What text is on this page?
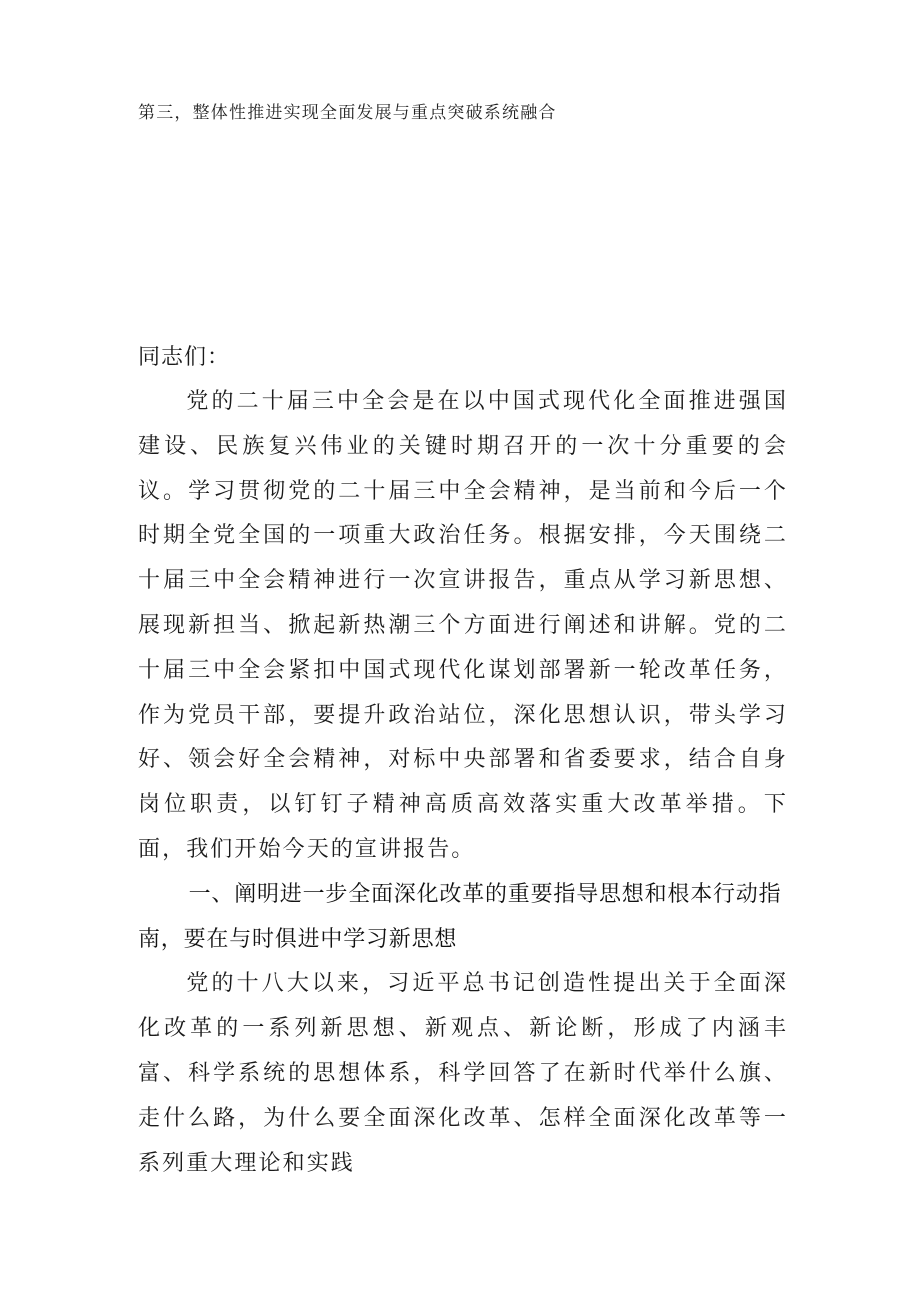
第三，整体性推进实现全面发展与重点突破系统融合

同志们：

党的二十届三中全会是在以中国式现代化全面推进强国建设、民族复兴伟业的关键时期召开的一次十分重要的会议。学习贯彻党的二十届三中全会精神，是当前和今后一个时期全党全国的一项重大政治任务。根据安排，今天围绕二十届三中全会精神进行一次宣讲报告，重点从学习新思想、展现新担当、掀起新热潮三个方面进行阐述和讲解。党的二十届三中全会紧扣中国式现代化谋划部署新一轮改革任务，作为党员干部，要提升政治站位，深化思想认识，带头学习好、领会好全会精神，对标中央部署和省委要求，结合自身岗位职责，以钉钉子精神高质高效落实重大改革举措。下面，我们开始今天的宣讲报告。

一、阐明进一步全面深化改革的重要指导思想和根本行动指南，要在与时俱进中学习新思想

党的十八大以来，习近平总书记创造性提出关于全面深化改革的一系列新思想、新观点、新论断，形成了内涵丰富、科学系统的思想体系，科学回答了在新时代举什么旗、走什么路，为什么要全面深化改革、怎样全面深化改革等一系列重大理论和实践
